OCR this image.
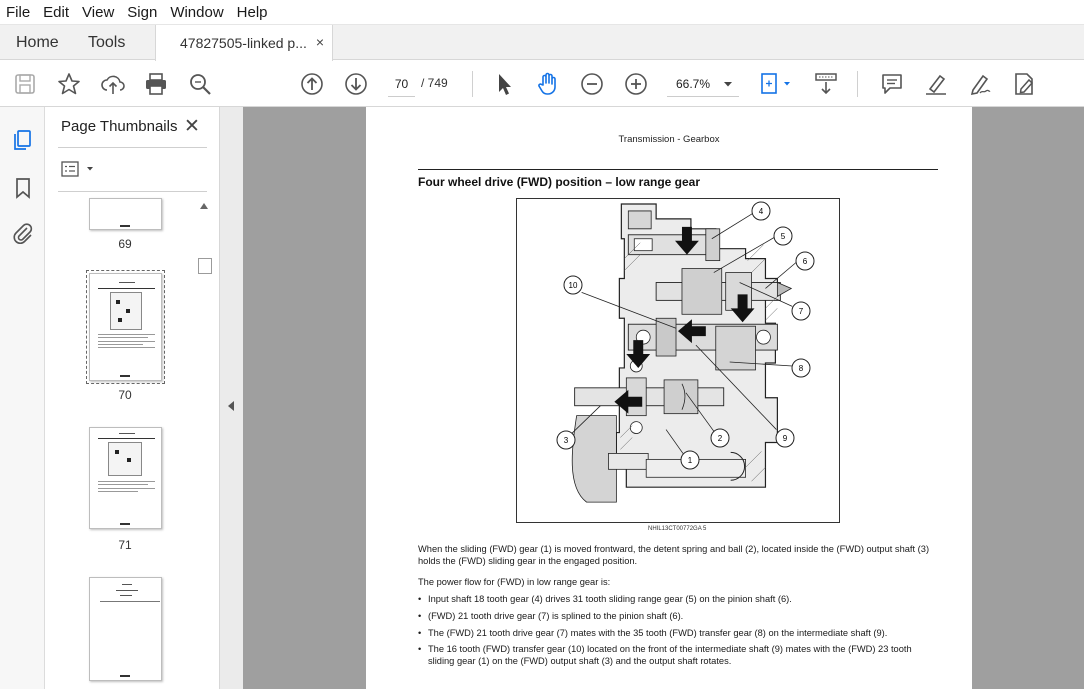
File Edit View Sign Window Help
Home Tools	47827505-linked p... ×
70	/ 749	66.7%
Page Thumbnails ✕
69
70
71
Transmission - Gearbox
Four wheel drive (FWD) position – low range gear
1
2
3
4
5
6
7
8
9
10
NHIL13CT00772GA 5
When the sliding (FWD) gear (1) is moved frontward, the detent spring and ball (2), located inside the (FWD) output shaft (3) holds the (FWD) sliding gear in the engaged position.
The power flow for (FWD) in low range gear is:
• Input shaft 18 tooth gear (4) drives 31 tooth sliding range gear (5) on the pinion shaft (6).
• (FWD) 21 tooth drive gear (7) is splined to the pinion shaft (6).
• The (FWD) 21 tooth drive gear (7) mates with the 35 tooth (FWD) transfer gear (8) on the intermediate shaft (9).
• The 16 tooth (FWD) transfer gear (10) located on the front of the intermediate shaft (9) mates with the (FWD) 23 tooth sliding gear (1) on the (FWD) output shaft (3) and the output shaft rotates.
